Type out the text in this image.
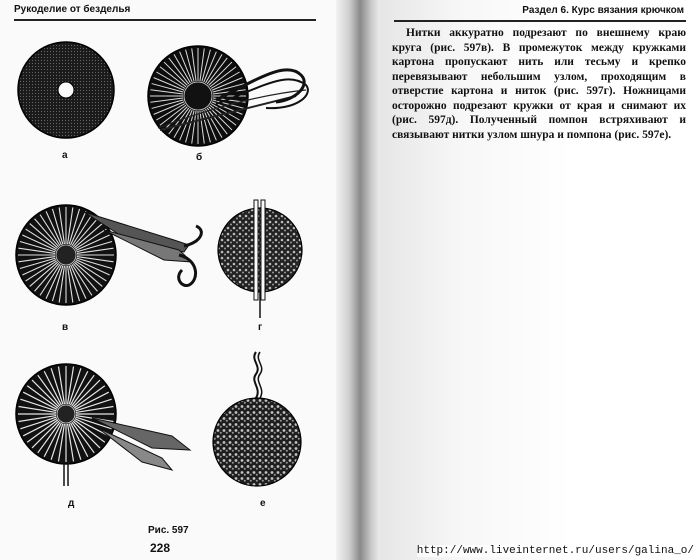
Рукоделие от безделья
а	б
в	г
д	е
Рис. 597
228
Раздел 6. Курс вязания крючком
Нитки аккуратно подрезают по внешнему краю круга (рис. 597в). В промежуток между кружками картона пропускают нить или тесьму и крепко перевязывают небольшим узлом, проходящим в отверстие картона и ниток (рис. 597г). Ножницами осторожно подрезают кружки от края и снимают их (рис. 597д). Полученный помпон встряхивают и связывают нитки узлом шнура и помпона (рис. 597е).
http://www.liveinternet.ru/users/galina_o/
